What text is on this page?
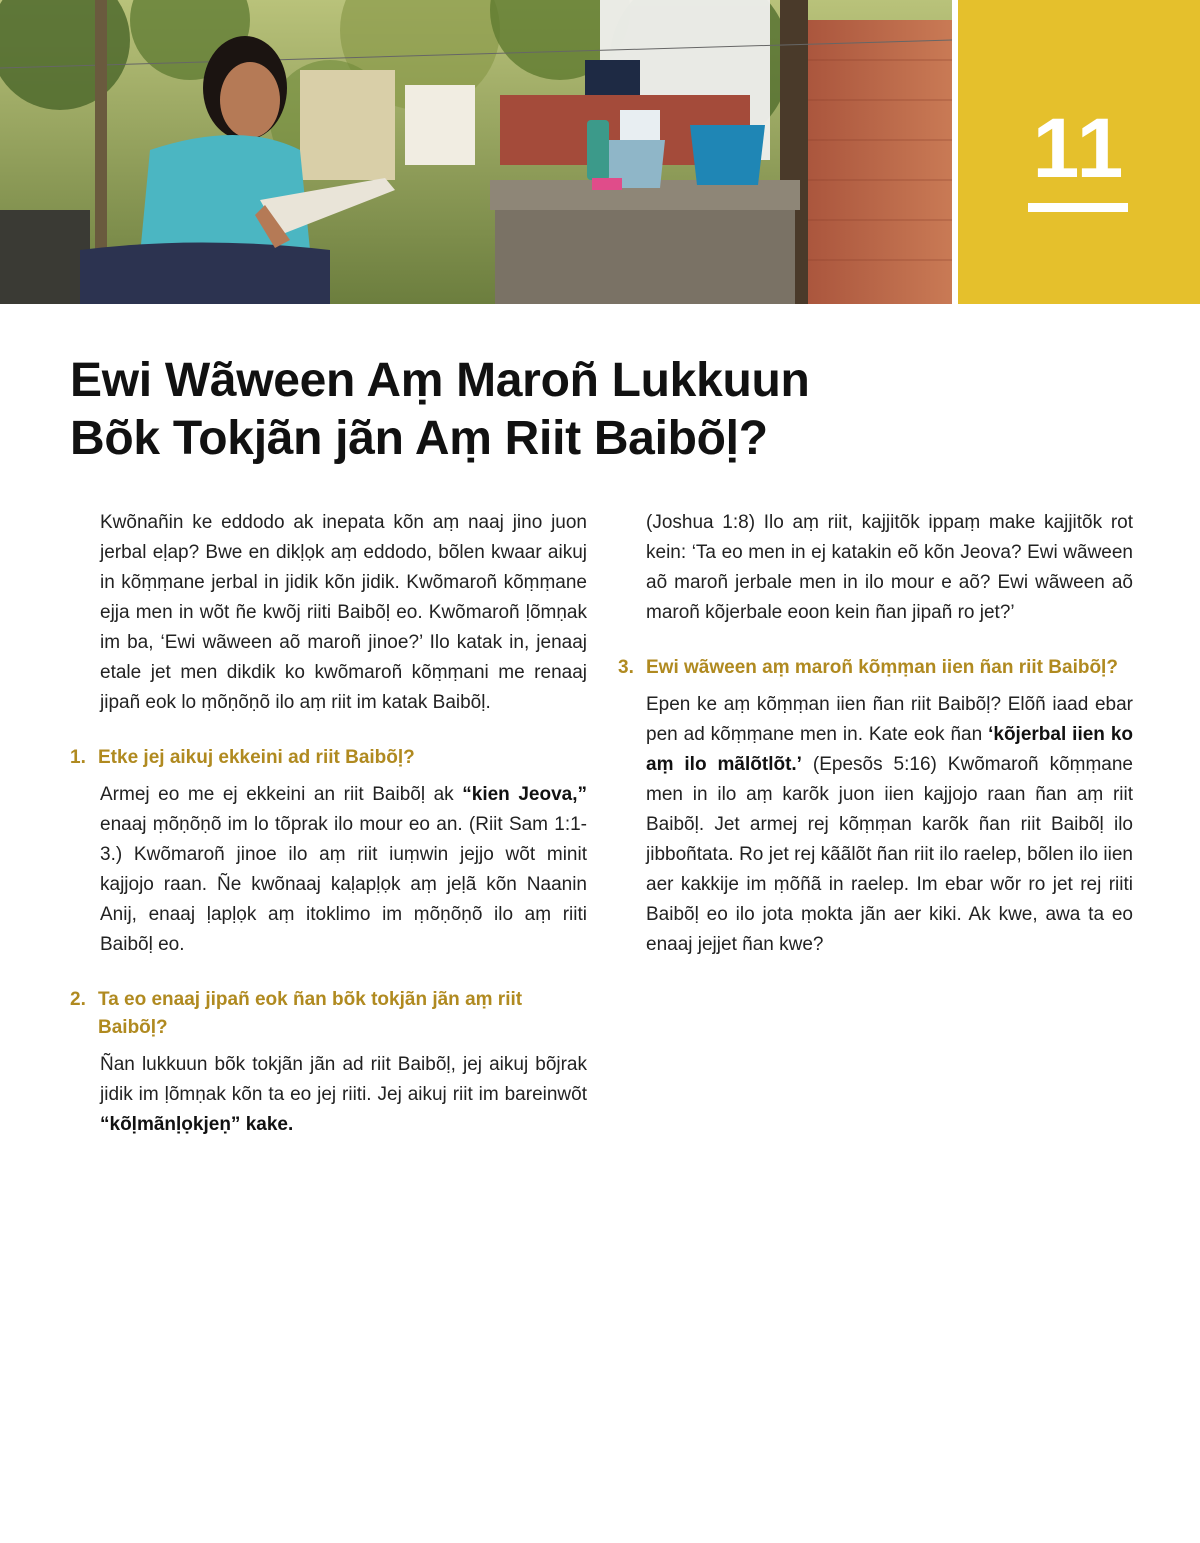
11
Ewi Wãween Aṃ Maroñ Lukkuun
Bõk Tokjãn jãn Aṃ Riit Baibõḷ?

Kwõnañin ke eddodo ak inepata kõn aṃ naaj jino juon jerbal eḷap? Bwe en dikḷọk aṃ eddodo, bõlen kwaar aikuj in kõṃṃane jerbal in jidik kõn jidik. Kwõmaroñ kõṃṃane ejja men in wõt ñe kwõj riiti Baibõḷ eo. Kwõmaroñ ḷõmṇak im ba, ‘Ewi wãween aõ maroñ jinoe?’ Ilo katak in, jenaaj etale jet men dikdik ko kwõmaroñ kõṃṃani me renaaj jipañ eok lo ṃõṇõṇõ ilo aṃ riit im katak Baibõḷ.

1. Etke jej aikuj ekkeini ad riit Baibõḷ?

Armej eo me ej ekkeini an riit Baibõḷ ak “kien Jeova,” enaaj ṃõṇõṇõ im lo tõprak ilo mour eo an. (Riit Sam 1:1-3.) Kwõmaroñ jinoe ilo aṃ riit iuṃwin jejjo wõt minit kajjojo raan. Ñe kwõnaaj kaḷapḷọk aṃ jeḷã kõn Naanin Anij, enaaj ḷapḷọk aṃ itoklimo im ṃõṇõṇõ ilo aṃ riiti Baibõḷ eo.

2. Ta eo enaaj jipañ eok ñan bõk tokjãn jãn aṃ riit Baibõḷ?

Ñan lukkuun bõk tokjãn jãn ad riit Baibõḷ, jej aikuj bõjrak jidik im ḷõmṇak kõn ta eo jej riiti. Jej aikuj riit im bareinwõt “kõḷmãnḷọkjeṇ” kake.

(Joshua 1:8) Ilo aṃ riit, kajjitõk ippaṃ make kajjitõk rot kein: ‘Ta eo men in ej katakin eõ kõn Jeova? Ewi wãween aõ maroñ jerbale men in ilo mour e aõ? Ewi wãween aõ maroñ kõjerbale eoon kein ñan jipañ ro jet?’

3. Ewi wãween aṃ maroñ kõṃṃan iien ñan riit Baibõḷ?

Epen ke aṃ kõṃṃan iien ñan riit Baibõḷ? Elõñ iaad ebar pen ad kõṃṃane men in. Kate eok ñan ‘kõjerbal iien ko aṃ ilo mãlõtlõt.’ (Epesõs 5:16) Kwõmaroñ kõṃṃane men in ilo aṃ karõk juon iien kajjojo raan ñan aṃ riit Baibõḷ. Jet armej rej kõṃṃan karõk ñan riit Baibõḷ ilo jibboñtata. Ro jet rej kããlõt ñan riit ilo raelep, bõlen ilo iien aer kakkije im ṃõñã in raelep. Im ebar wõr ro jet rej riiti Baibõḷ eo ilo jota ṃokta jãn aer kiki. Ak kwe, awa ta eo enaaj jejjet ñan kwe?
